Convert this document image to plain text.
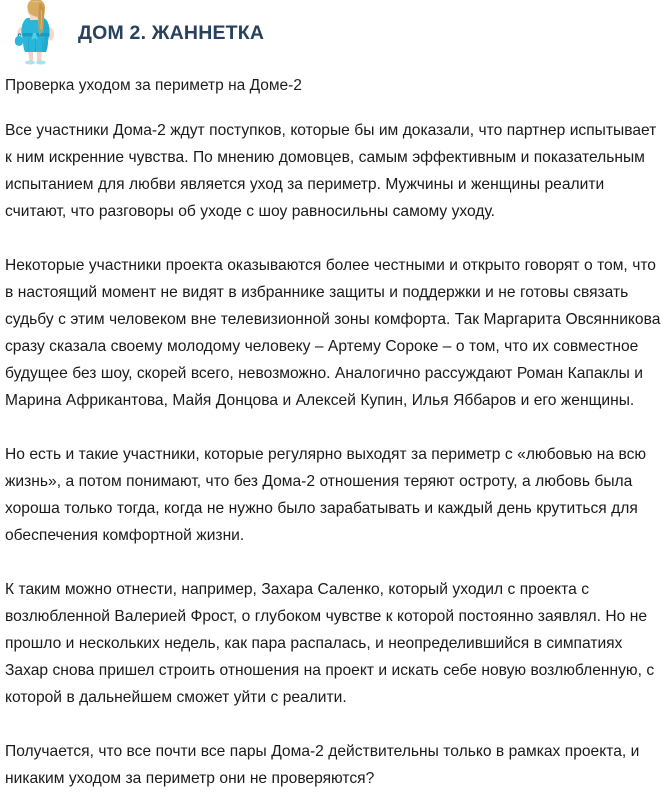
ДОМ 2. ЖАННЕТКА
Проверка уходом за периметр на Доме-2

Все участники Дома-2 ждут поступков, которые бы им доказали, что партнер испытывает к ним искренние чувства. По мнению домовцев, самым эффективным и показательным испытанием для любви является уход за периметр. Мужчины и женщины реалити считают, что разговоры об уходе с шоу равносильны самому уходу.

Некоторые участники проекта оказываются более честными и открыто говорят о том, что в настоящий момент не видят в избраннике защиты и поддержки и не готовы связать судьбу с этим человеком вне телевизионной зоны комфорта. Так Маргарита Овсянникова сразу сказала своему молодому человеку – Артему Сороке – о том, что их совместное будущее без шоу, скорей всего, невозможно. Аналогично рассуждают Роман Капаклы и Марина Африкантова, Майя Донцова и Алексей Купин, Илья Яббаров и его женщины.

Но есть и такие участники, которые регулярно выходят за периметр с «любовью на всю жизнь», а потом понимают, что без Дома-2 отношения теряют остроту, а любовь была хороша только тогда, когда не нужно было зарабатывать и каждый день крутиться для обеспечения комфортной жизни.

К таким можно отнести, например, Захара Саленко, который уходил с проекта с возлюбленной Валерией Фрост, о глубоком чувстве к которой постоянно заявлял. Но не прошло и нескольких недель, как пара распалась, и неопределившийся в симпатиях Захар снова пришел строить отношения на проект и искать себе новую возлюбленную, с которой в дальнейшем сможет уйти с реалити.

Получается, что все почти все пары Дома-2 действительны только в рамках проекта, и никаким уходом за периметр они не проверяются?
